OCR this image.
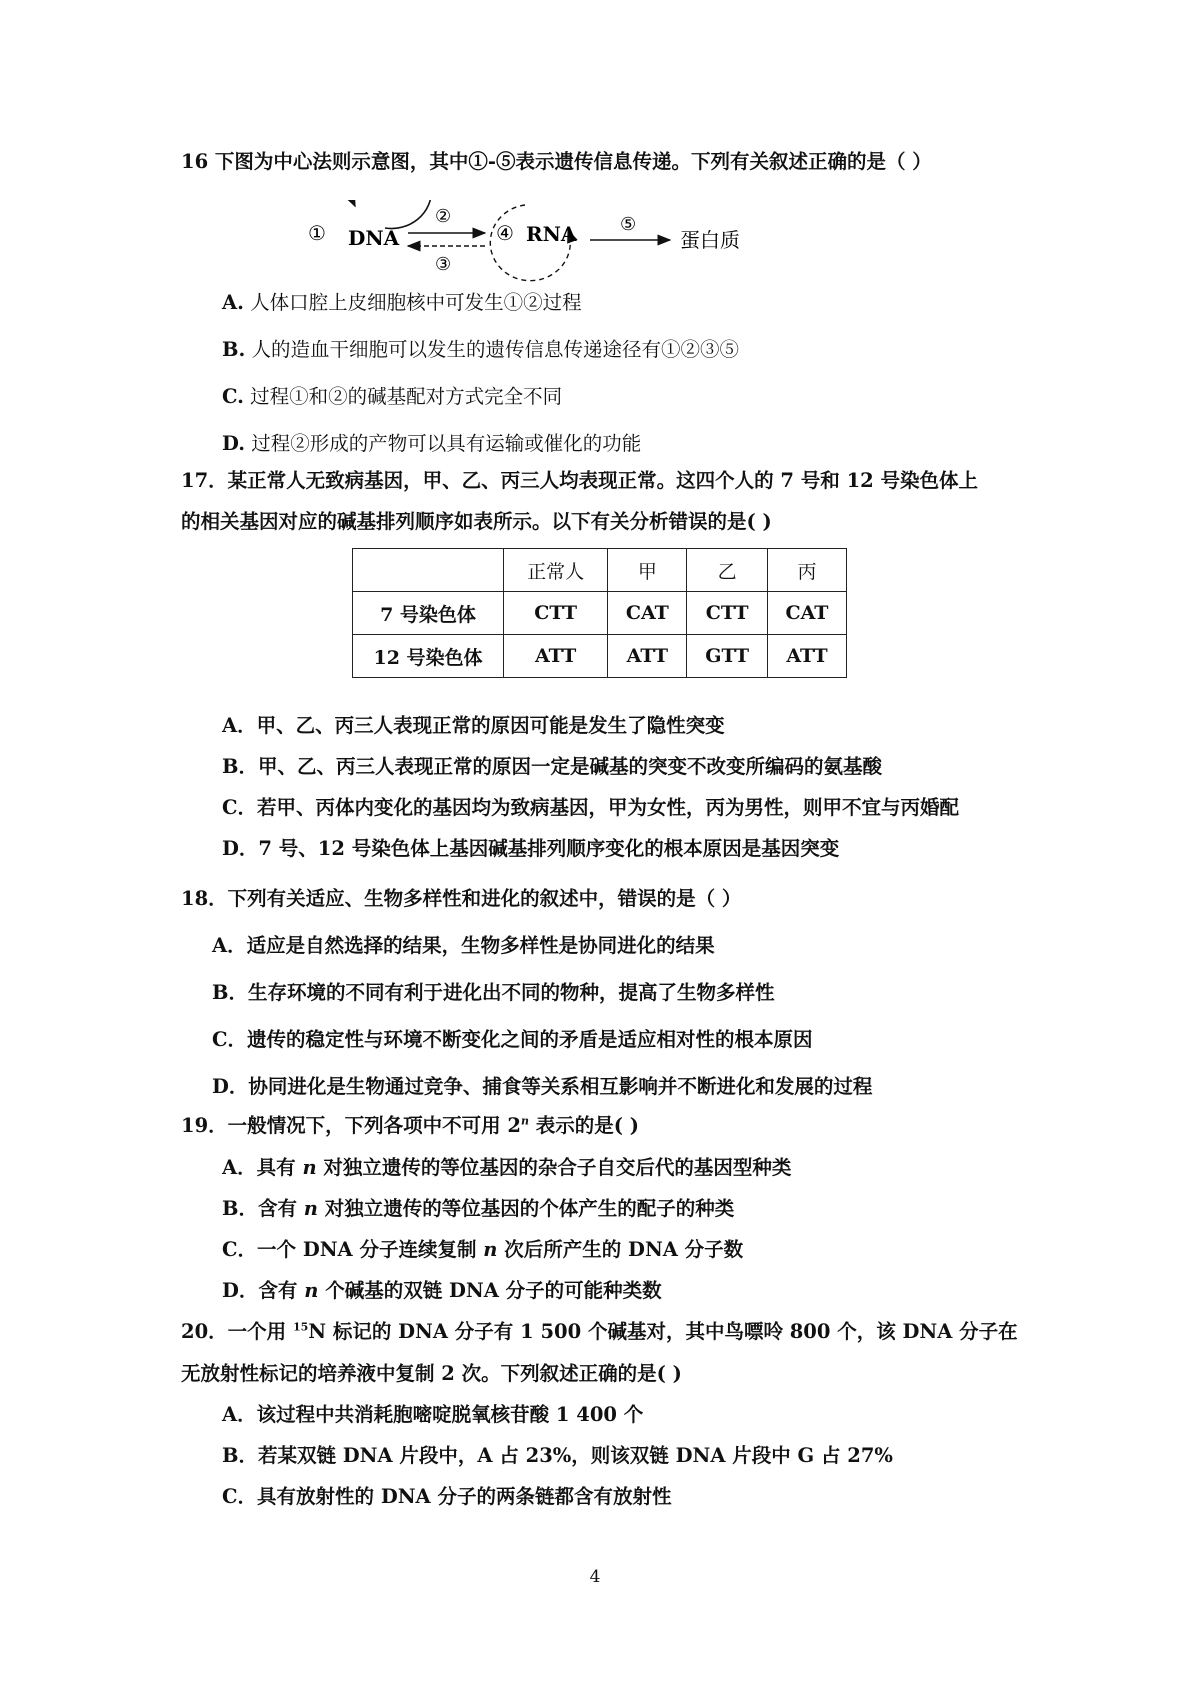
16 下图为中心法则示意图，其中①-⑤表示遗传信息传递。下列有关叙述正确的是（ ）
① DNA
②
③
④ RNA ⑤
蛋白质
A. 人体口腔上皮细胞核中可发生①②过程
B. 人的造血干细胞可以发生的遗传信息传递途径有①②③⑤
C. 过程①和②的碱基配对方式完全不同
D. 过程②形成的产物可以具有运输或催化的功能
17．某正常人无致病基因，甲、乙、丙三人均表现正常。这四个人的 7 号和 12 号染色体上
的相关基因对应的碱基排列顺序如表所示。以下有关分析错误的是( )
	正常人	甲	乙	丙
7 号染色体	CTT	CAT	CTT	CAT
12 号染色体	ATT	ATT	GTT	ATT
A．甲、乙、丙三人表现正常的原因可能是发生了隐性突变
B．甲、乙、丙三人表现正常的原因一定是碱基的突变不改变所编码的氨基酸
C．若甲、丙体内变化的基因均为致病基因，甲为女性，丙为男性，则甲不宜与丙婚配
D．7 号、12 号染色体上基因碱基排列顺序变化的根本原因是基因突变
18．下列有关适应、生物多样性和进化的叙述中，错误的是（ ）
A．适应是自然选择的结果，生物多样性是协同进化的结果
B．生存环境的不同有利于进化出不同的物种，提高了生物多样性
C．遗传的稳定性与环境不断变化之间的矛盾是适应相对性的根本原因
D．协同进化是生物通过竞争、捕食等关系相互影响并不断进化和发展的过程
19．一般情况下，下列各项中不可用 2$^n$ 表示的是( )
A．具有 n 对独立遗传的等位基因的杂合子自交后代的基因型种类
B．含有 n 对独立遗传的等位基因的个体产生的配子的种类
C．一个 DNA 分子连续复制 n 次后所产生的 DNA 分子数
D．含有 n 个碱基的双链 DNA 分子的可能种类数
20．一个用 $^{15}$N 标记的 DNA 分子有 1 500 个碱基对，其中鸟嘌呤 800 个，该 DNA 分子在
无放射性标记的培养液中复制 2 次。下列叙述正确的是( )
A．该过程中共消耗胞嘧啶脱氧核苷酸 1 400 个
B．若某双链 DNA 片段中，A 占 23%，则该双链 DNA 片段中 G 占 27%
C．具有放射性的 DNA 分子的两条链都含有放射性
4
